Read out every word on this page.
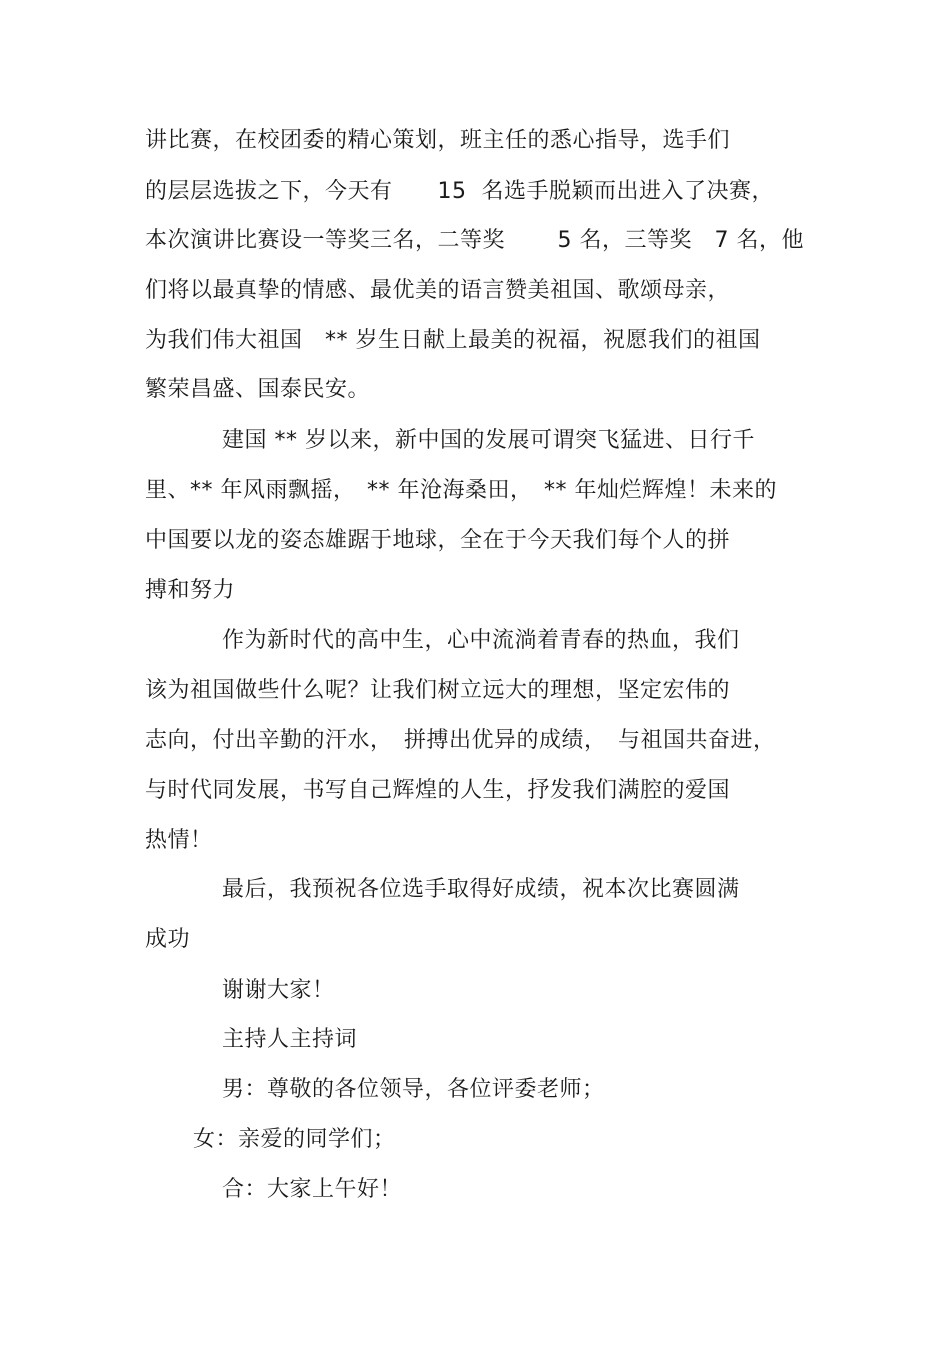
讲比赛，在校团委的精心策划，班主任的悉心指导，选手们
的层层选拔之下，今天有　　15  名选手脱颖而出进入了决赛，
本次演讲比赛设一等奖三名，二等奖　　 5 名，三等奖　7 名，他
们将以最真挚的情感、最优美的语言赞美祖国、歌颂母亲，
为我们伟大祖国　** 岁生日献上最美的祝福，祝愿我们的祖国
繁荣昌盛、国泰民安。
建国 ** 岁以来，新中国的发展可谓突飞猛进、日行千
里、** 年风雨飘摇，　** 年沧海桑田，　** 年灿烂辉煌！未来的
中国要以龙的姿态雄踞于地球，全在于今天我们每个人的拼
搏和努力
作为新时代的高中生，心中流淌着青春的热血，我们
该为祖国做些什么呢？让我们树立远大的理想，坚定宏伟的
志向，付出辛勤的汗水，　拼搏出优异的成绩，　与祖国共奋进，
与时代同发展，书写自己辉煌的人生，抒发我们满腔的爱国
热情！
最后，我预祝各位选手取得好成绩，祝本次比赛圆满
成功
谢谢大家！
主持人主持词
男：尊敬的各位领导，各位评委老师；
女：亲爱的同学们；
合：大家上午好！
